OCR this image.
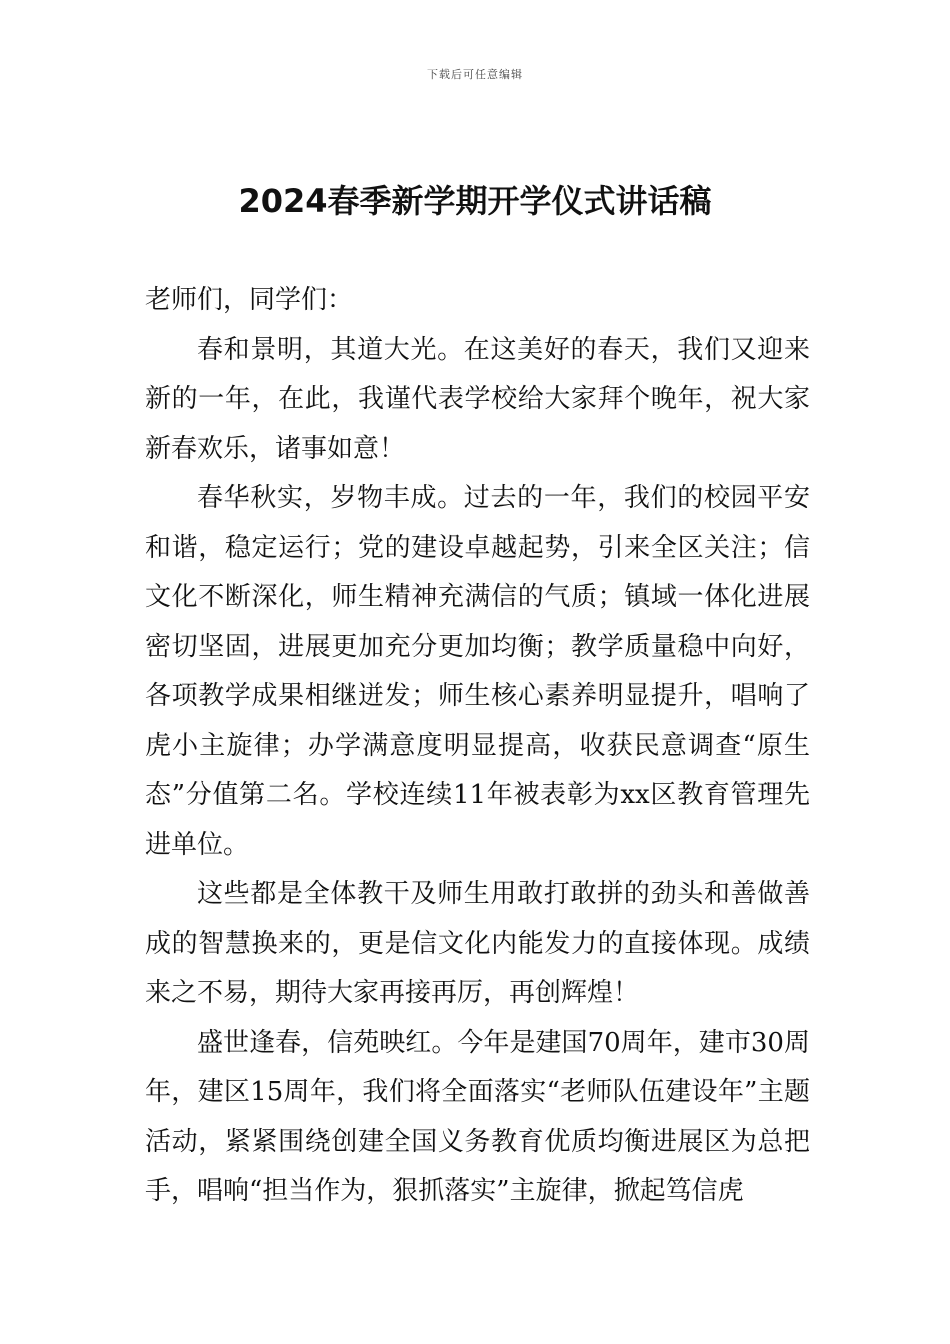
下载后可任意编辑
2024春季新学期开学仪式讲话稿

老师们，同学们：

春和景明，其道大光。在这美好的春天，我们又迎来新的一年，在此，我谨代表学校给大家拜个晚年，祝大家新春欢乐，诸事如意！

春华秋实，岁物丰成。过去的一年，我们的校园平安和谐，稳定运行；党的建设卓越起势，引来全区关注；信文化不断深化，师生精神充满信的气质；镇域一体化进展密切坚固，进展更加充分更加均衡；教学质量稳中向好，各项教学成果相继迸发；师生核心素养明显提升，唱响了虎小主旋律；办学满意度明显提高，收获民意调查“原生态”分值第二名。学校连续11年被表彰为xx区教育管理先进单位。

这些都是全体教干及师生用敢打敢拼的劲头和善做善成的智慧换来的，更是信文化内能发力的直接体现。成绩来之不易，期待大家再接再厉，再创辉煌！

盛世逢春，信苑映红。今年是建国70周年，建市30周年，建区15周年，我们将全面落实“老师队伍建设年”主题活动，紧紧围绕创建全国义务教育优质均衡进展区为总把手，唱响“担当作为，狠抓落实”主旋律，掀起笃信虎
